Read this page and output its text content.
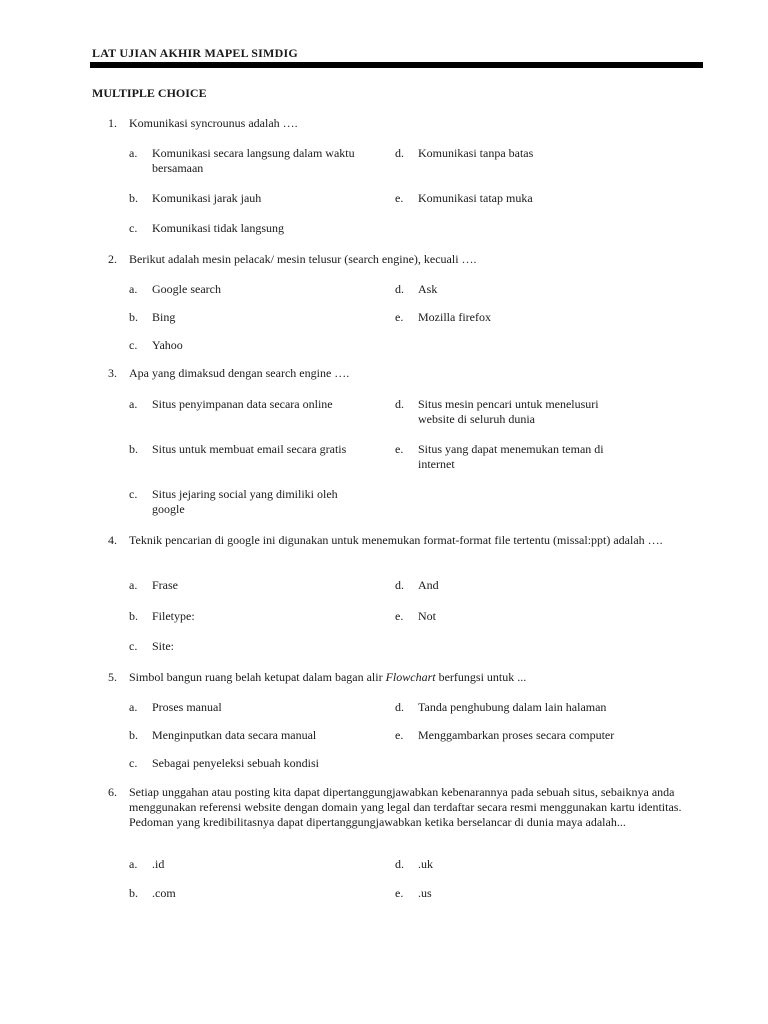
LAT UJIAN AKHIR MAPEL SIMDIG
MULTIPLE CHOICE
1. Komunikasi syncrounus adalah ….
a. Komunikasi secara langsung dalam waktu bersamaan
b. Komunikasi jarak jauh
c. Komunikasi tidak langsung
d. Komunikasi tanpa batas
e. Komunikasi tatap muka
2. Berikut adalah mesin pelacak/ mesin telusur (search engine), kecuali ….
a. Google search
b. Bing
c. Yahoo
d. Ask
e. Mozilla firefox
3. Apa yang dimaksud dengan search engine ….
a. Situs penyimpanan data secara online
b. Situs untuk membuat email secara gratis
c. Situs jejaring social yang dimiliki oleh google
d. Situs mesin pencari untuk menelusuri website di seluruh dunia
e. Situs yang dapat menemukan teman di internet
4. Teknik pencarian di google ini digunakan untuk menemukan format-format file tertentu (missal:ppt) adalah ….
a. Frase
b. Filetype:
c. Site:
d. And
e. Not
5. Simbol bangun ruang belah ketupat dalam bagan alir Flowchart berfungsi untuk ...
a. Proses manual
b. Menginputkan data secara manual
c. Sebagai penyeleksi sebuah kondisi
d. Tanda penghubung dalam lain halaman
e. Menggambarkan proses secara computer
6. Setiap unggahan atau posting kita dapat dipertanggungjawabkan kebenarannya pada sebuah situs, sebaiknya anda menggunakan referensi website dengan domain yang legal dan terdaftar secara resmi menggunakan kartu identitas. Pedoman yang kredibilitasnya dapat dipertanggungjawabkan ketika berselancar di dunia maya adalah...
a. .id
b. .com
d. .uk
e. .us
